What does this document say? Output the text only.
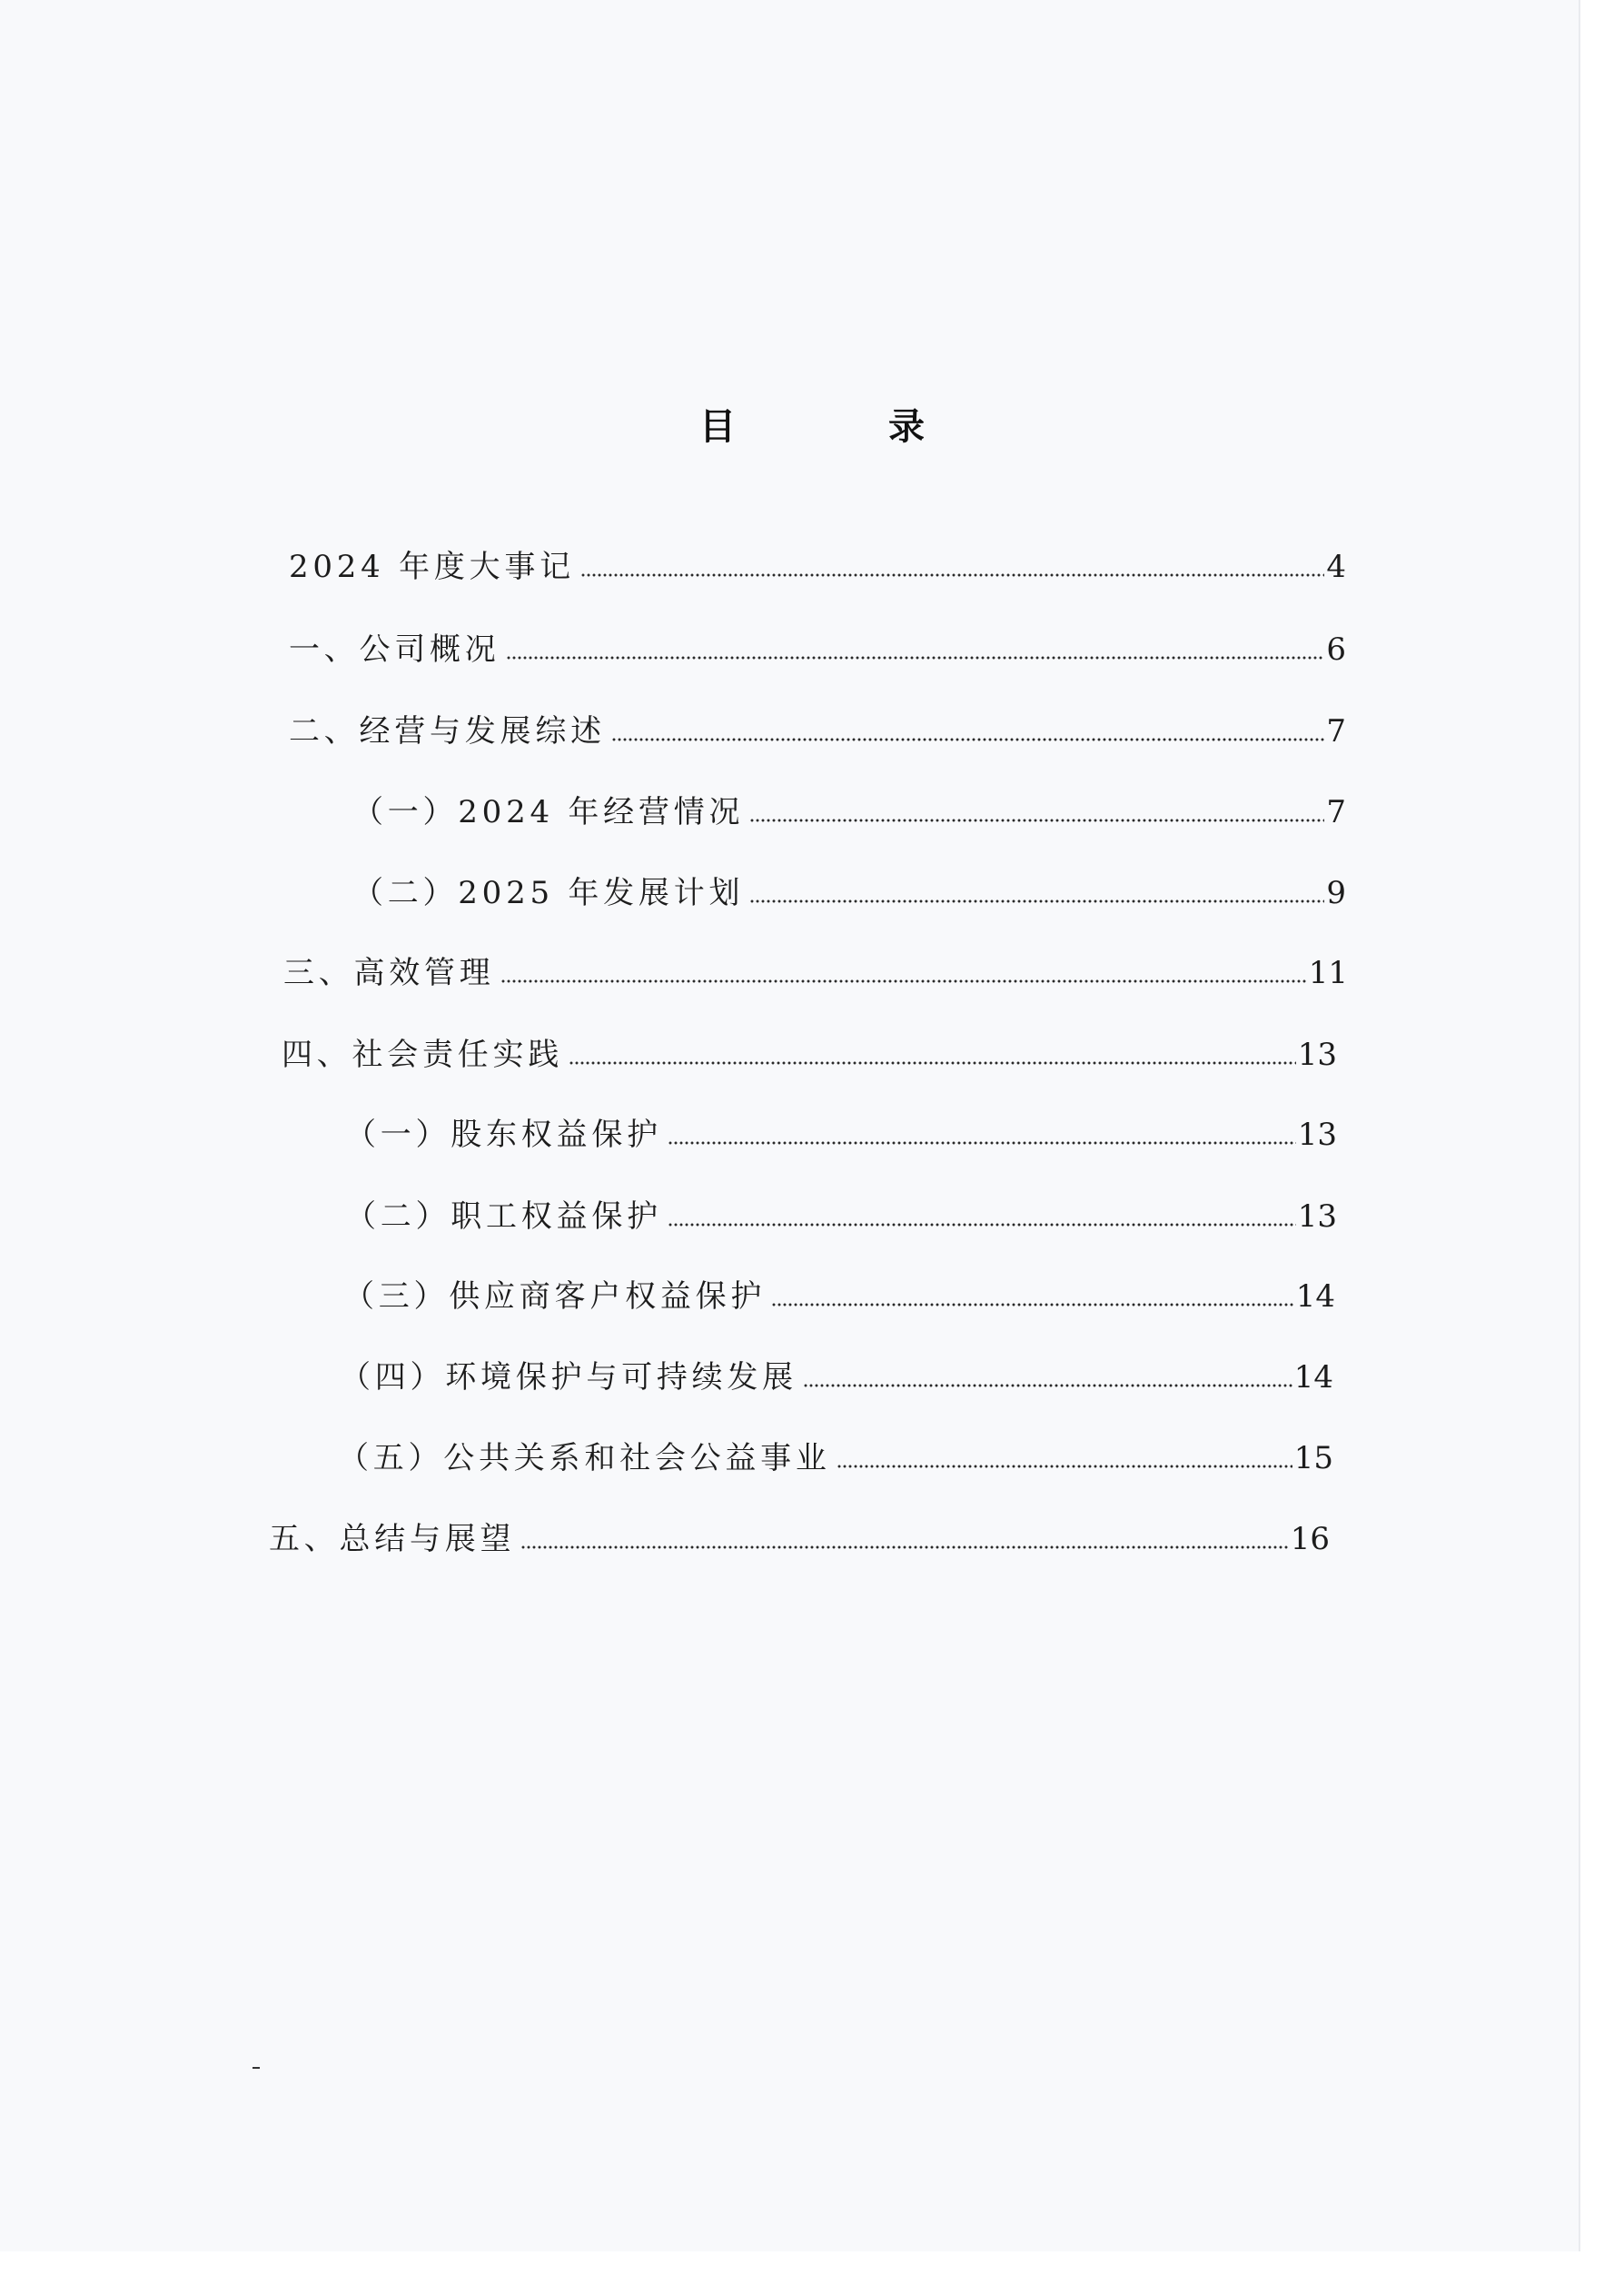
目　录
2024 年度大事记	4
一、公司概况	6
二、经营与发展综述	7
（一）2024 年经营情况	7
（二）2025 年发展计划	9
三、高效管理	11
四、社会责任实践	13
（一）股东权益保护	13
（二）职工权益保护	13
（三）供应商客户权益保护	14
（四）环境保护与可持续发展	14
（五）公共关系和社会公益事业	15
五、总结与展望	16
